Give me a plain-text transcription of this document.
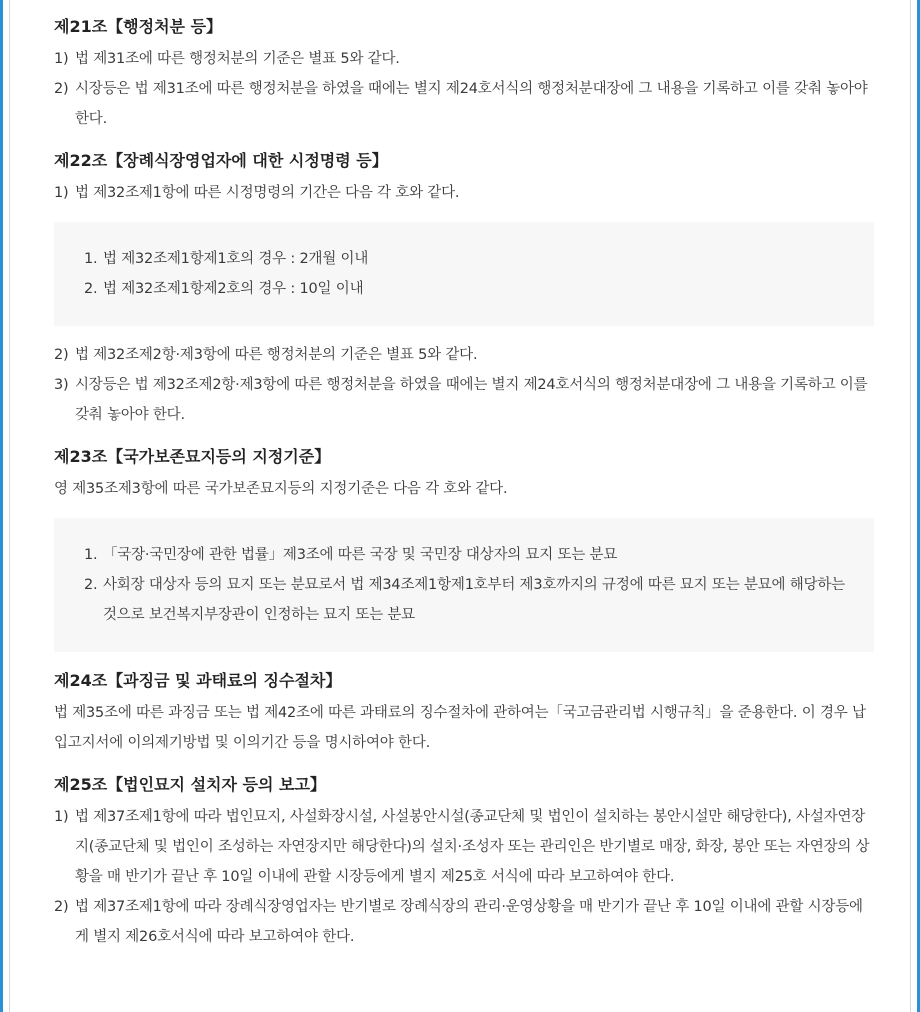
제21조【행정처분 등】
1) 법 제31조에 따른 행정처분의 기준은 별표 5와 같다.
2) 시장등은 법 제31조에 따른 행정처분을 하였을 때에는 별지 제24호서식의 행정처분대장에 그 내용을 기록하고 이를 갖춰 놓아야 한다.
제22조【장례식장영업자에 대한 시정명령 등】
1) 법 제32조제1항에 따른 시정명령의 기간은 다음 각 호와 같다.
1. 법 제32조제1항제1호의 경우 : 2개월 이내
2. 법 제32조제1항제2호의 경우 : 10일 이내
2) 법 제32조제2항·제3항에 따른 행정처분의 기준은 별표 5와 같다.
3) 시장등은 법 제32조제2항·제3항에 따른 행정처분을 하였을 때에는 별지 제24호서식의 행정처분대장에 그 내용을 기록하고 이를 갖춰 놓아야 한다.
제23조【국가보존묘지등의 지정기준】
영 제35조제3항에 따른 국가보존묘지등의 지정기준은 다음 각 호와 같다.
1. 「국장·국민장에 관한 법률」제3조에 따른 국장 및 국민장 대상자의 묘지 또는 분묘
2. 사회장 대상자 등의 묘지 또는 분묘로서 법 제34조제1항제1호부터 제3호까지의 규정에 따른 묘지 또는 분묘에 해당하는 것으로 보건복지부장관이 인정하는 묘지 또는 분묘
제24조【과징금 및 과태료의 징수절차】
법 제35조에 따른 과징금 또는 법 제42조에 따른 과태료의 징수절차에 관하여는「국고금관리법 시행규칙」을 준용한다. 이 경우 납입고지서에 이의제기방법 및 이의기간 등을 명시하여야 한다.
제25조【법인묘지 설치자 등의 보고】
1) 법 제37조제1항에 따라 법인묘지, 사설화장시설, 사설봉안시설(종교단체 및 법인이 설치하는 봉안시설만 해당한다), 사설자연장지(종교단체 및 법인이 조성하는 자연장지만 해당한다)의 설치·조성자 또는 관리인은 반기별로 매장, 화장, 봉안 또는 자연장의 상황을 매 반기가 끝난 후 10일 이내에 관할 시장등에게 별지 제25호 서식에 따라 보고하여야 한다.
2) 법 제37조제1항에 따라 장례식장영업자는 반기별로 장례식장의 관리·운영상황을 매 반기가 끝난 후 10일 이내에 관할 시장등에게 별지 제26호서식에 따라 보고하여야 한다.
